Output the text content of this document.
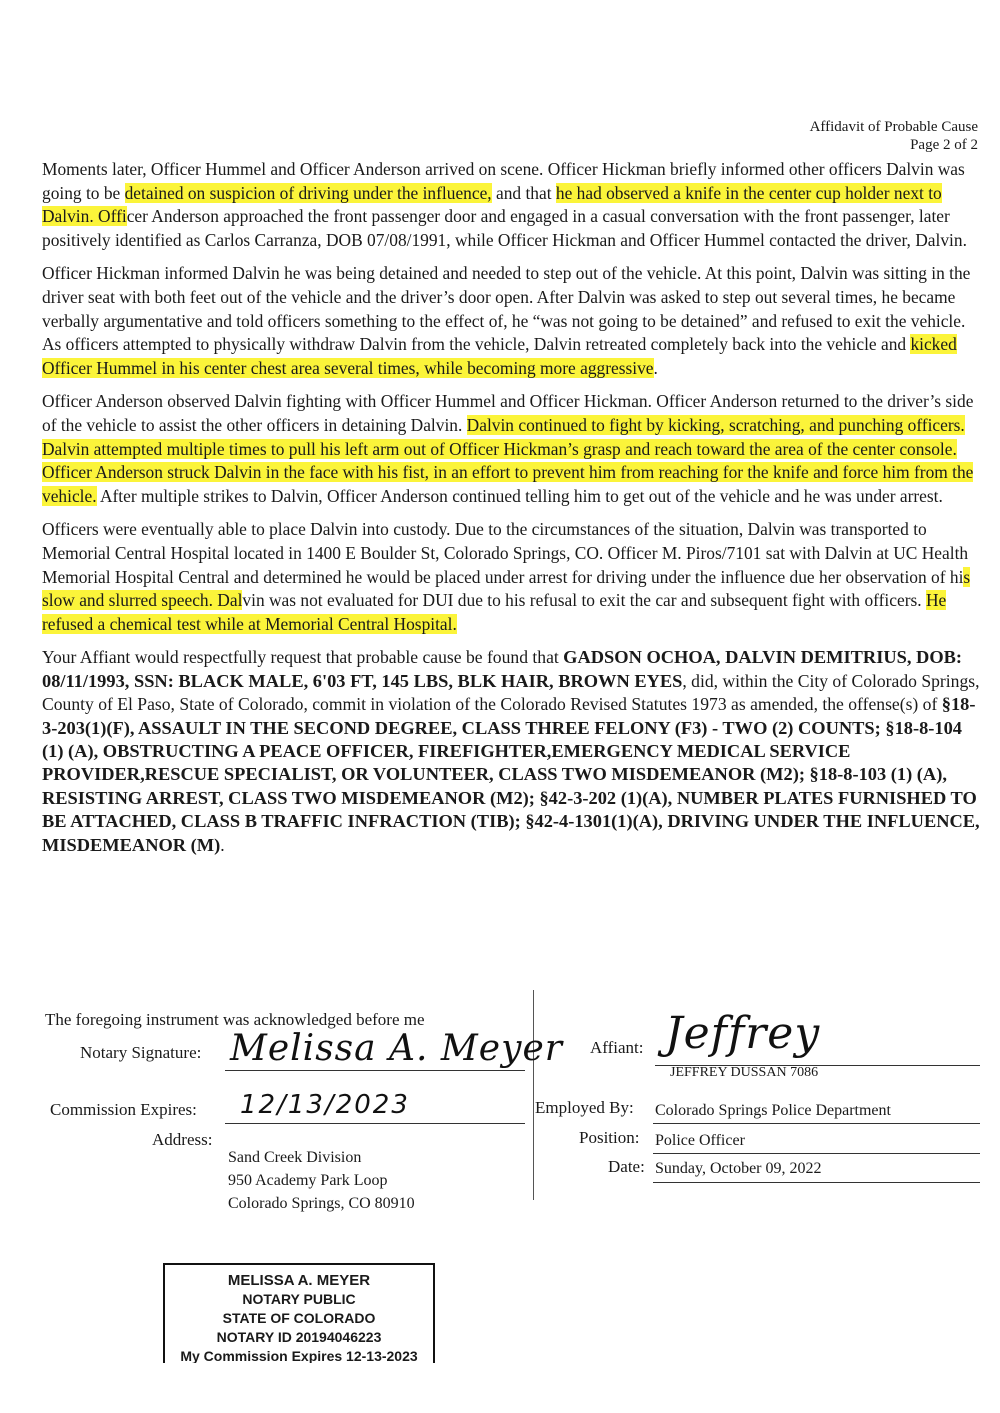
Affidavit of Probable Cause
Page 2 of 2

Moments later, Officer Hummel and Officer Anderson arrived on scene. Officer Hickman briefly informed other officers Dalvin was going to be detained on suspicion of driving under the influence, and that he had observed a knife in the center cup holder next to Dalvin. Officer Anderson approached the front passenger door and engaged in a casual conversation with the front passenger, later positively identified as Carlos Carranza, DOB 07/08/1991, while Officer Hickman and Officer Hummel contacted the driver, Dalvin.

Officer Hickman informed Dalvin he was being detained and needed to step out of the vehicle. At this point, Dalvin was sitting in the driver seat with both feet out of the vehicle and the driver’s door open. After Dalvin was asked to step out several times, he became verbally argumentative and told officers something to the effect of, he “was not going to be detained” and refused to exit the vehicle. As officers attempted to physically withdraw Dalvin from the vehicle, Dalvin retreated completely back into the vehicle and kicked Officer Hummel in his center chest area several times, while becoming more aggressive.

Officer Anderson observed Dalvin fighting with Officer Hummel and Officer Hickman. Officer Anderson returned to the driver’s side of the vehicle to assist the other officers in detaining Dalvin. Dalvin continued to fight by kicking, scratching, and punching officers. Dalvin attempted multiple times to pull his left arm out of Officer Hickman’s grasp and reach toward the area of the center console. Officer Anderson struck Dalvin in the face with his fist, in an effort to prevent him from reaching for the knife and force him from the vehicle. After multiple strikes to Dalvin, Officer Anderson continued telling him to get out of the vehicle and he was under arrest.

Officers were eventually able to place Dalvin into custody. Due to the circumstances of the situation, Dalvin was transported to Memorial Central Hospital located in 1400 E Boulder St, Colorado Springs, CO. Officer M. Piros/7101 sat with Dalvin at UC Health Memorial Hospital Central and determined he would be placed under arrest for driving under the influence due her observation of his slow and slurred speech. Dalvin was not evaluated for DUI due to his refusal to exit the car and subsequent fight with officers. He refused a chemical test while at Memorial Central Hospital.

Your Affiant would respectfully request that probable cause be found that GADSON OCHOA, DALVIN DEMITRIUS, DOB: 08/11/1993, SSN: BLACK MALE, 6'03 FT, 145 LBS, BLK HAIR, BROWN EYES, did, within the City of Colorado Springs, County of El Paso, State of Colorado, commit in violation of the Colorado Revised Statutes 1973 as amended, the offense(s) of §18-3-203(1)(F), ASSAULT IN THE SECOND DEGREE, CLASS THREE FELONY (F3) - TWO (2) COUNTS; §18-8-104 (1) (A), OBSTRUCTING A PEACE OFFICER, FIREFIGHTER,EMERGENCY MEDICAL SERVICE PROVIDER,RESCUE SPECIALIST, OR VOLUNTEER, CLASS TWO MISDEMEANOR (M2); §18-8-103 (1) (A), RESISTING ARREST, CLASS TWO MISDEMEANOR (M2); §42-3-202 (1)(A), NUMBER PLATES FURNISHED TO BE ATTACHED, CLASS B TRAFFIC INFRACTION (TIB); §42-4-1301(1)(A), DRIVING UNDER THE INFLUENCE, MISDEMEANOR (M).

The foregoing instrument was acknowledged before me
Notary Signature: Melissa A. Meyer
Commission Expires: 12/13/2023
Address:
Sand Creek Division
950 Academy Park Loop
Colorado Springs, CO 80910
Affiant: Jeffrey
JEFFREY DUSSAN 7086
Employed By: Colorado Springs Police Department
Position: Police Officer
Date: Sunday, October 09, 2022
MELISSA A. MEYER
NOTARY PUBLIC
STATE OF COLORADO
NOTARY ID 20194046223
My Commission Expires 12-13-2023
